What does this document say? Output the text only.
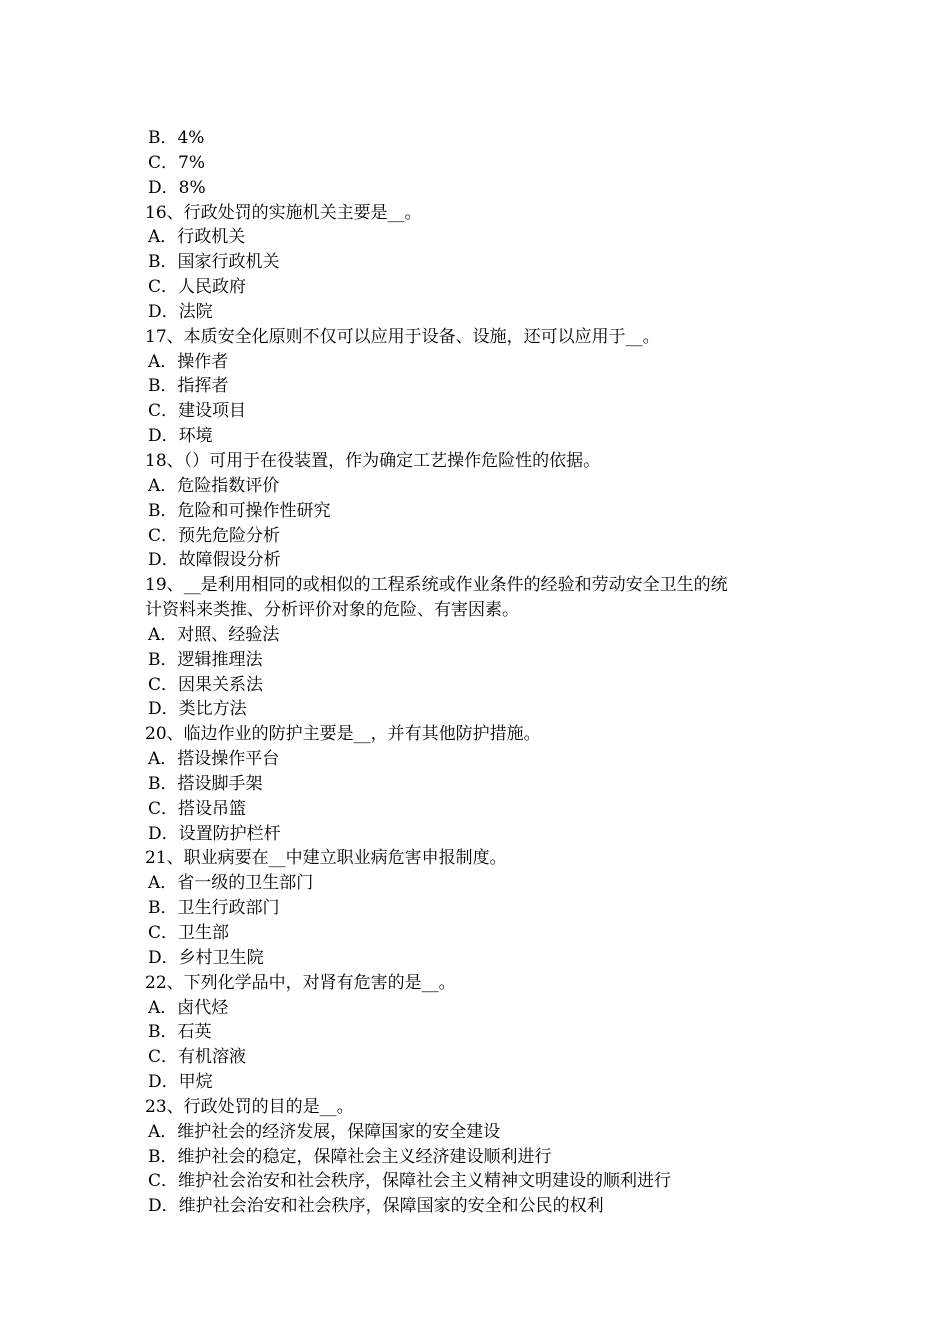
B．4%

C．7%

D．8%

16、行政处罚的实施机关主要是__。

A．行政机关

B．国家行政机关

C．人民政府

D．法院

17、本质安全化原则不仅可以应用于设备、设施，还可以应用于__。

A．操作者

B．指挥者

C．建设项目

D．环境

18、（）可用于在役装置，作为确定工艺操作危险性的依据。

A．危险指数评价

B．危险和可操作性研究

C．预先危险分析

D．故障假设分析

19、__是利用相同的或相似的工程系统或作业条件的经验和劳动安全卫生的统

计资料来类推、分析评价对象的危险、有害因素。

A．对照、经验法

B．逻辑推理法

C．因果关系法

D．类比方法

20、临边作业的防护主要是__，并有其他防护措施。

A．搭设操作平台

B．搭设脚手架

C．搭设吊篮

D．设置防护栏杆

21、职业病要在__中建立职业病危害申报制度。

A．省一级的卫生部门

B．卫生行政部门

C．卫生部

D．乡村卫生院

22、下列化学品中，对肾有危害的是__。

A．卤代烃

B．石英

C．有机溶液

D．甲烷

23、行政处罚的目的是__。

A．维护社会的经济发展，保障国家的安全建设

B．维护社会的稳定，保障社会主义经济建设顺利进行

C．维护社会治安和社会秩序，保障社会主义精神文明建设的顺利进行

D．维护社会治安和社会秩序，保障国家的安全和公民的权利
